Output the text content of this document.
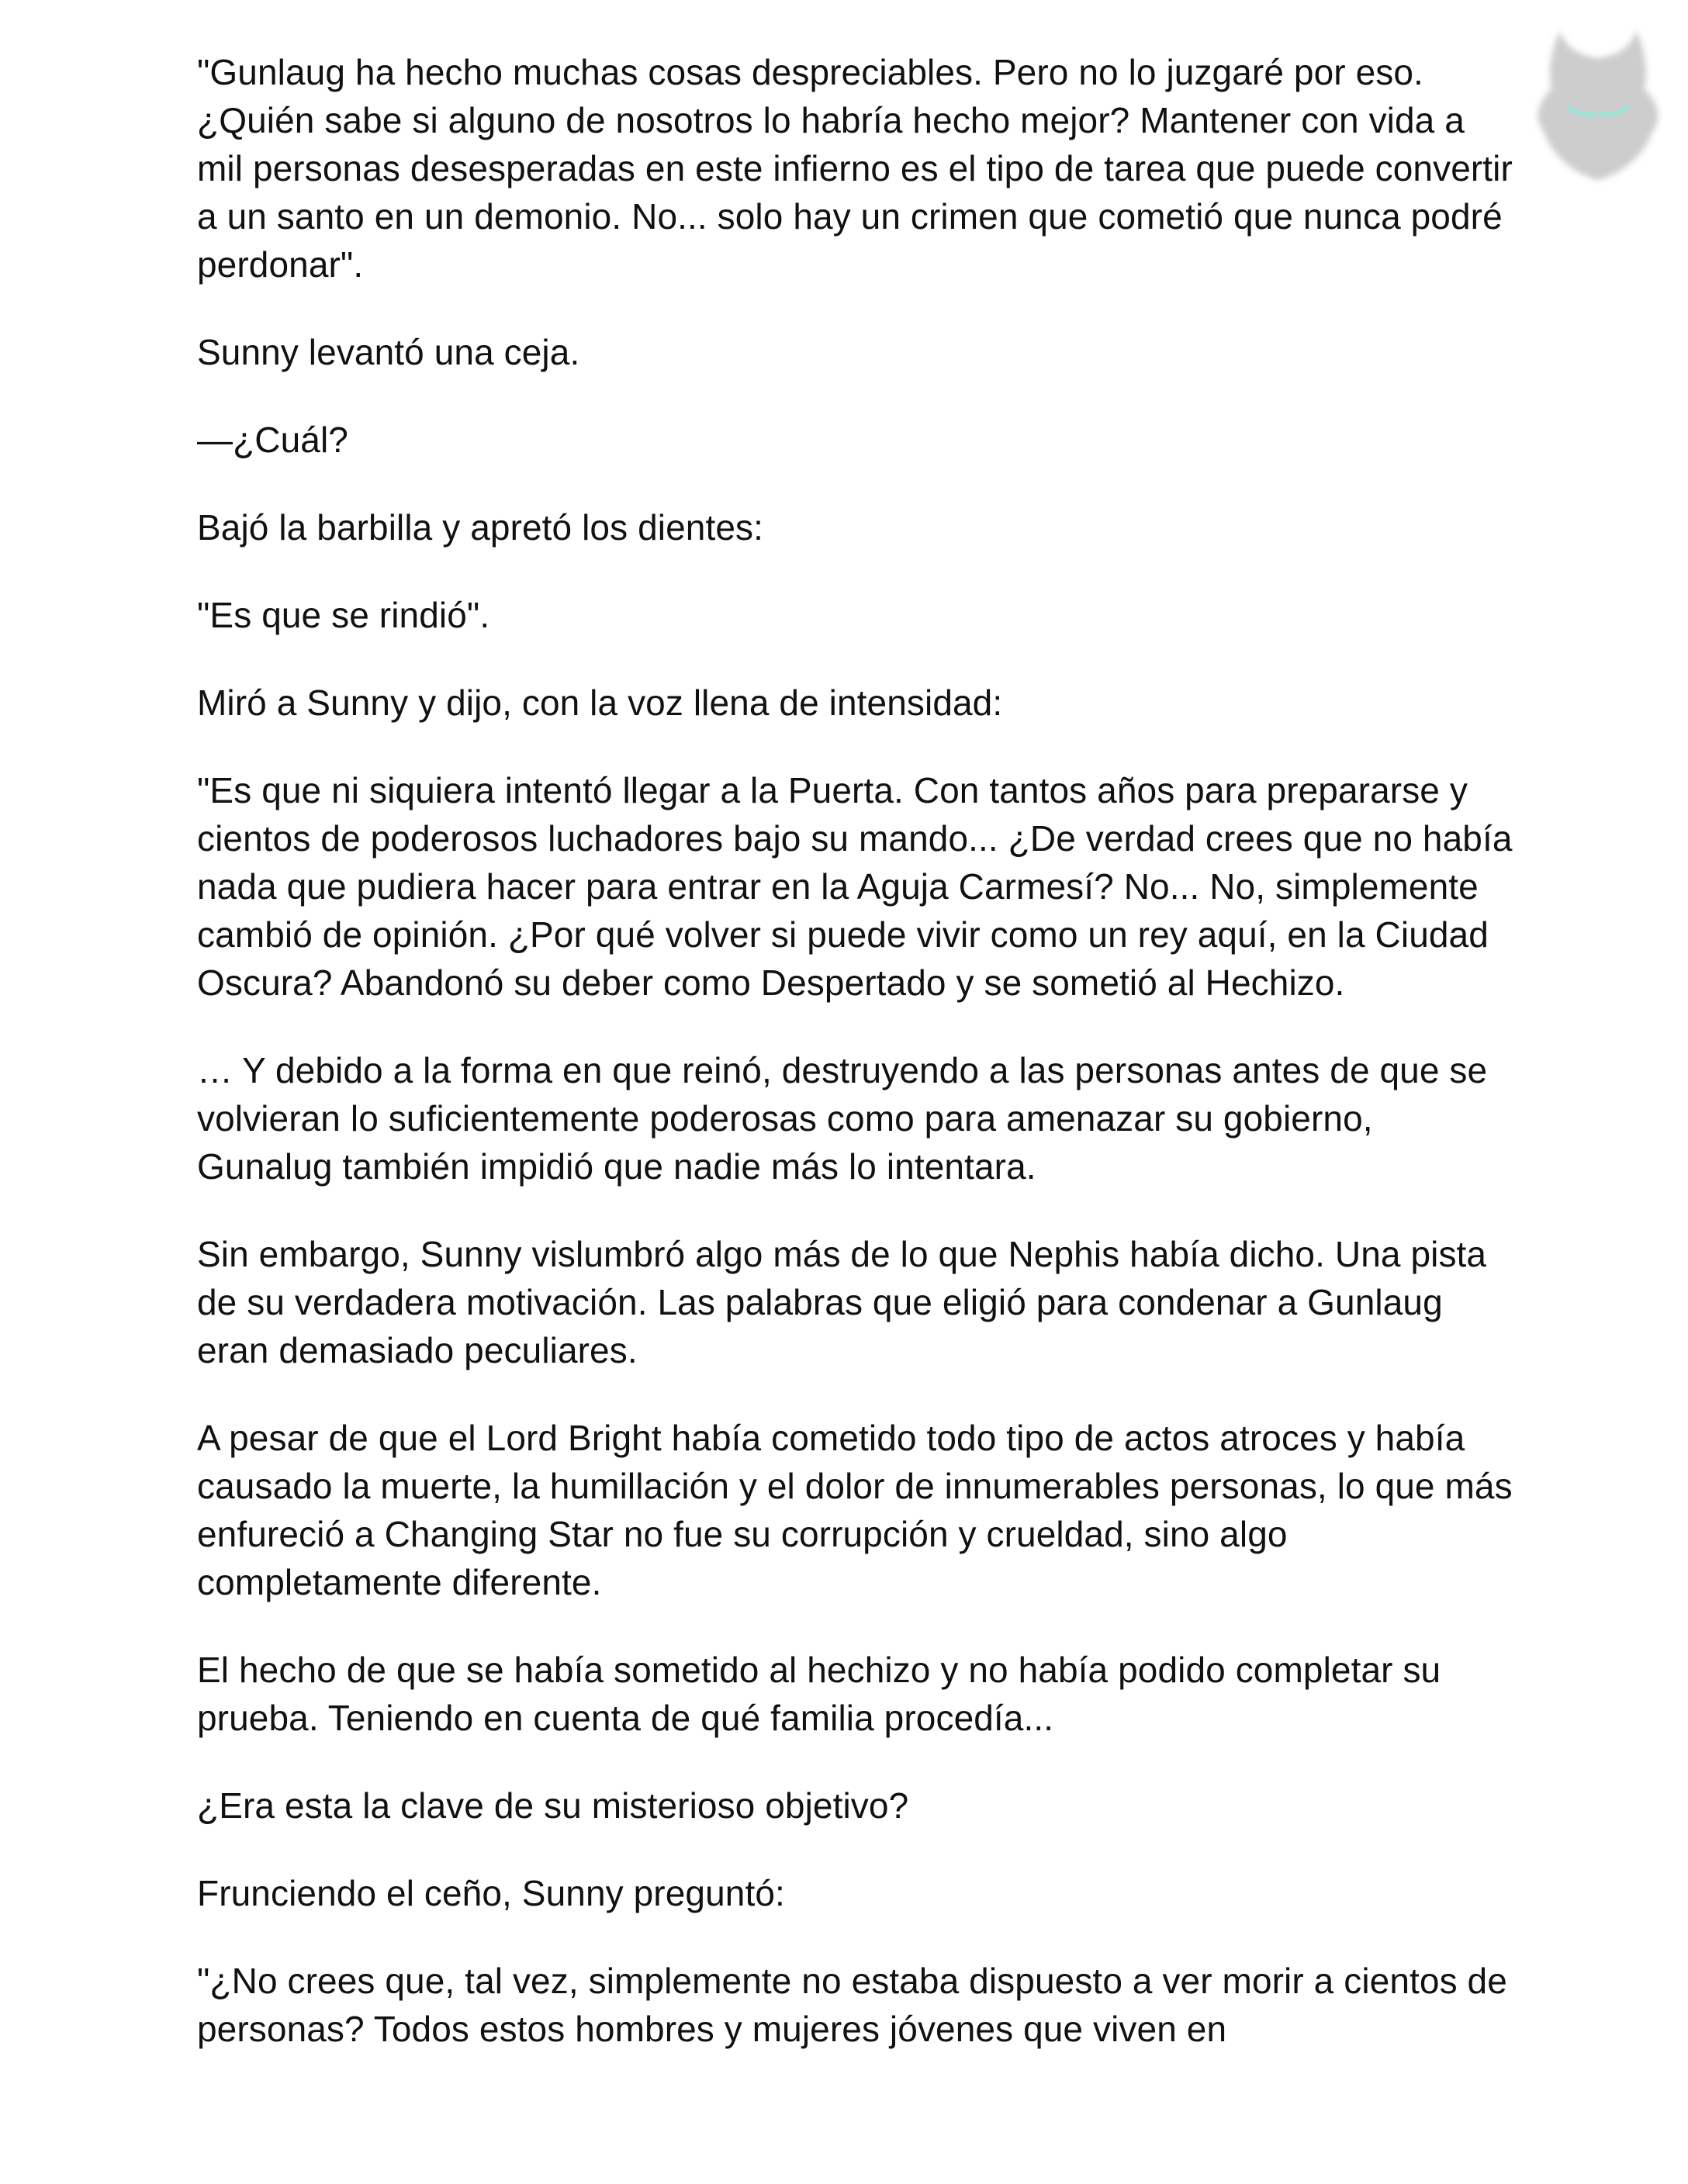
"Gunlaug ha hecho muchas cosas despreciables. Pero no lo juzgaré por eso. ¿Quién sabe si alguno de nosotros lo habría hecho mejor? Mantener con vida a mil personas desesperadas en este infierno es el tipo de tarea que puede convertir a un santo en un demonio. No... solo hay un crimen que cometió que nunca podré perdonar".

Sunny levantó una ceja.

—¿Cuál?

Bajó la barbilla y apretó los dientes:

"Es que se rindió".

Miró a Sunny y dijo, con la voz llena de intensidad:

"Es que ni siquiera intentó llegar a la Puerta. Con tantos años para prepararse y cientos de poderosos luchadores bajo su mando... ¿De verdad crees que no había nada que pudiera hacer para entrar en la Aguja Carmesí? No... No, simplemente cambió de opinión. ¿Por qué volver si puede vivir como un rey aquí, en la Ciudad Oscura? Abandonó su deber como Despertado y se sometió al Hechizo.

… Y debido a la forma en que reinó, destruyendo a las personas antes de que se volvieran lo suficientemente poderosas como para amenazar su gobierno, Gunalug también impidió que nadie más lo intentara.

Sin embargo, Sunny vislumbró algo más de lo que Nephis había dicho. Una pista de su verdadera motivación. Las palabras que eligió para condenar a Gunlaug eran demasiado peculiares.

A pesar de que el Lord Bright había cometido todo tipo de actos atroces y había causado la muerte, la humillación y el dolor de innumerables personas, lo que más enfureció a Changing Star no fue su corrupción y crueldad, sino algo completamente diferente.

El hecho de que se había sometido al hechizo y no había podido completar su prueba. Teniendo en cuenta de qué familia procedía...

¿Era esta la clave de su misterioso objetivo?

Frunciendo el ceño, Sunny preguntó:

"¿No crees que, tal vez, simplemente no estaba dispuesto a ver morir a cientos de personas? Todos estos hombres y mujeres jóvenes que viven en
